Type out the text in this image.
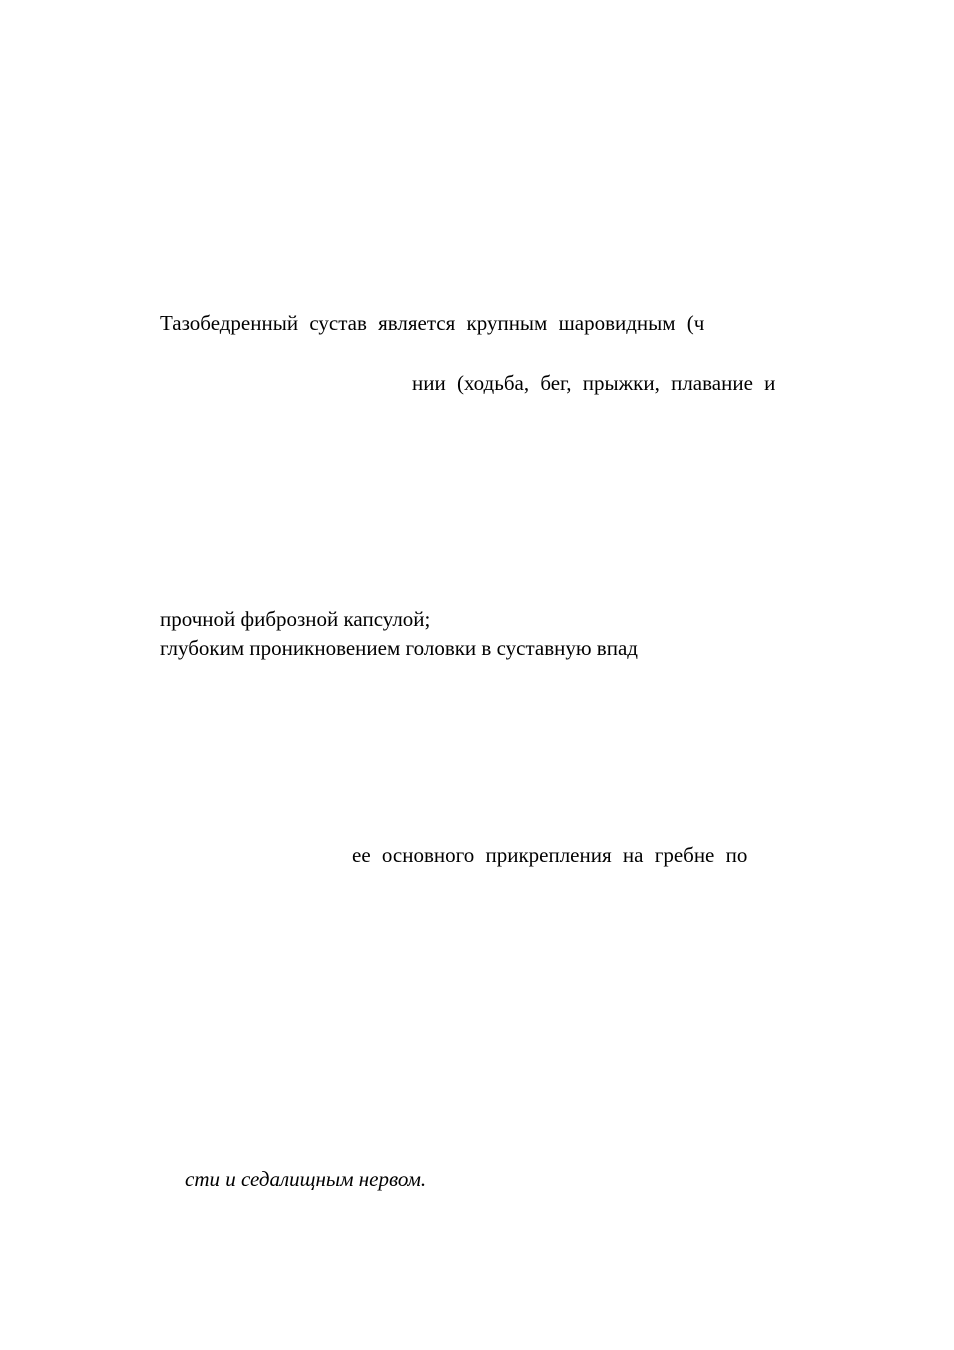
Тазобедренный сустав является крупным шаровидным (ч
нии (ходьба, бег, прыжки, плавание и
прочной фиброзной капсулой;
глубоким проникновением головки в суставную впад
ее основного прикрепления на гребне по
сти и седалищным нервом.
